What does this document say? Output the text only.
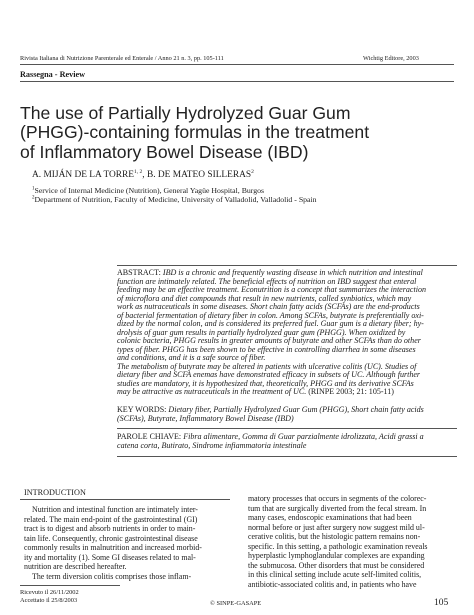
Rivista Italiana di Nutrizione Parenterale ed Enterale / Anno 21 n. 3, pp. 105-111	Wichtig Editore, 2003
Rassegna - Review
The use of Partially Hydrolyzed Guar Gum
(PHGG)-containing formulas in the treatment
of Inflammatory Bowel Disease (IBD)
A. MIJÁN DE LA TORRE$^{1, 2}$, B. DE MATEO SILLERAS$^2$
$^1$Service of Internal Medicine (Nutrition), General Yagüe Hospital, Burgos
$^2$Department of Nutrition, Faculty of Medicine, University of Valladolid, Valladolid - Spain
ABSTRACT: IBD is a chronic and frequently wasting disease in which nutrition and intestinal
function are intimately related. The beneficial effects of nutrition on IBD suggest that enteral
feeding may be an effective treatment. Econutrition is a concept that summarizes the interaction
of microflora and diet compounds that result in new nutrients, called synbiotics, which may
work as nutraceuticals in some diseases. Short chain fatty acids (SCFAs) are the end-products
of bacterial fermentation of dietary fiber in colon. Among SCFAs, butyrate is preferentially oxi-
dized by the normal colon, and is considered its preferred fuel. Guar gum is a dietary fiber; hy-
drolysis of guar gum results in partially hydrolyzed guar gum (PHGG). When oxidized by
colonic bacteria, PHGG results in greater amounts of butyrate and other SCFAs than do other
types of fiber. PHGG has been shown to be effective in controlling diarrhea in some diseases
and conditions, and it is a safe source of fiber.
The metabolism of butyrate may be altered in patients with ulcerative colitis (UC). Studies of
dietary fiber and SCFA enemas have demonstrated efficacy in subsets of UC. Although further
studies are mandatory, it is hypothesized that, theoretically, PHGG and its derivative SCFAs
may be attractive as nutraceuticals in the treatment of UC. (RINPE 2003; 21: 105-11)
KEY WORDS: Dietary fiber, Partially Hydrolyzed Guar Gum (PHGG), Short chain fatty acids
(SCFAs), Butyrate, Inflammatory Bowel Disease (IBD)
PAROLE CHIAVE: Fibra alimentare, Gomma di Guar parzialmente idrolizzata, Acidi grassi a
catena corta, Butirato, Sindrome infiammatoria intestinale
INTRODUCTION
Nutrition and intestinal function are intimately inter-
related. The main end-point of the gastrointestinal (GI)
tract is to digest and absorb nutrients in order to main-
tain life. Consequently, chronic gastrointestinal disease
commonly results in malnutrition and increased morbid-
ity and mortality (1). Some GI diseases related to mal-
nutrition are described hereafter.
The term diversion colitis comprises those inflam-
matory processes that occurs in segments of the colorec-
tum that are surgically diverted from the fecal stream. In
many cases, endoscopic examinations that had been
normal before or just after surgery now suggest mild ul-
cerative colitis, but the histologic pattern remains non-
specific. In this setting, a pathologic examination reveals
hyperplastic lymphoglandular complexes are expanding
the submucosa. Other disorders that must be considered
in this clinical setting include acute self-limited colitis,
antibiotic-associated colitis and, in patients who have
Ricevuto il 26/11/2002
Accettato il 25/8/2003	© SINPE-GASAPE	105
